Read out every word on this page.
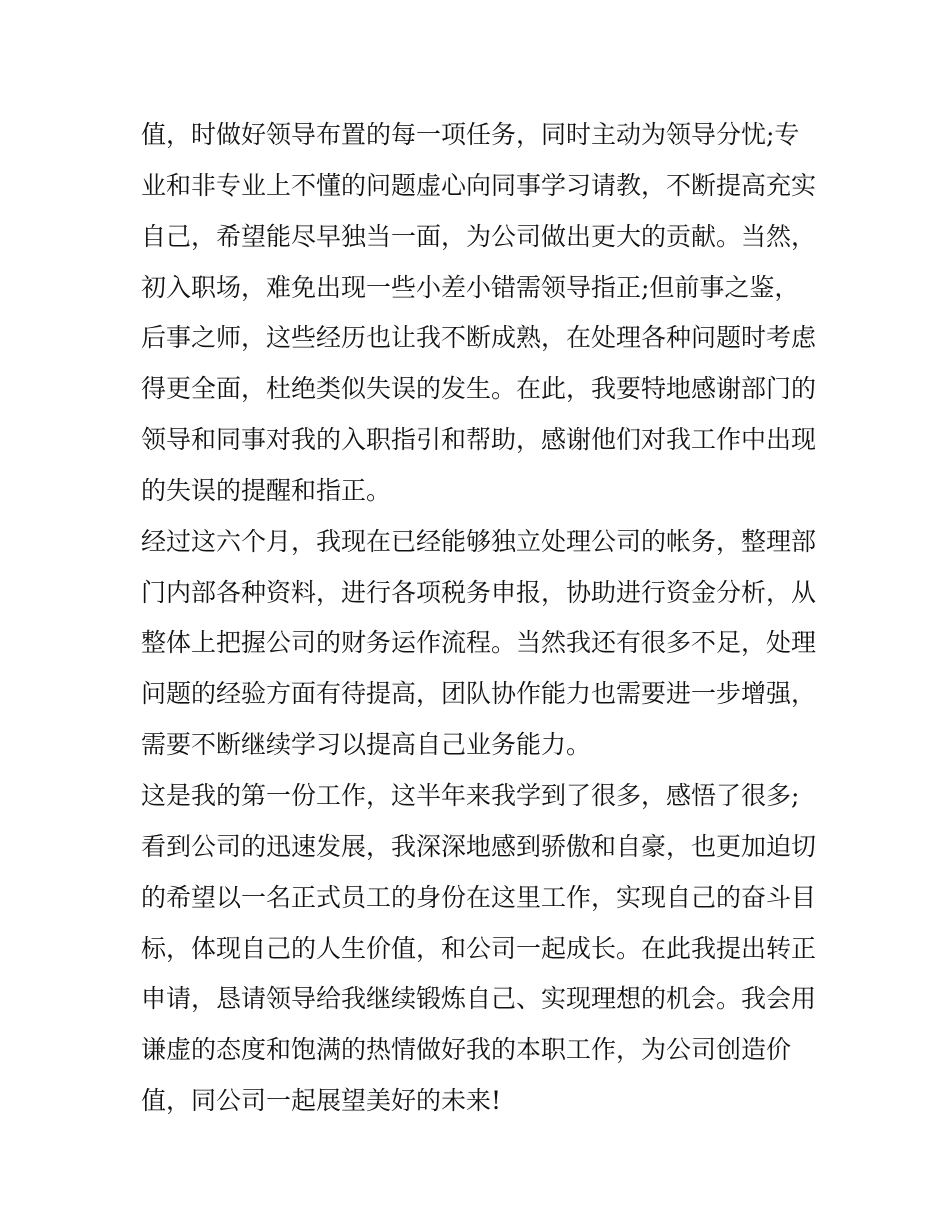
值，时做好领导布置的每一项任务，同时主动为领导分忧;专
业和非专业上不懂的问题虚心向同事学习请教，不断提高充实
自己，希望能尽早独当一面，为公司做出更大的贡献。当然，
初入职场，难免出现一些小差小错需领导指正;但前事之鉴，
后事之师，这些经历也让我不断成熟，在处理各种问题时考虑
得更全面，杜绝类似失误的发生。在此，我要特地感谢部门的
领导和同事对我的入职指引和帮助，感谢他们对我工作中出现
的失误的提醒和指正。
经过这六个月，我现在已经能够独立处理公司的帐务，整理部
门内部各种资料，进行各项税务申报，协助进行资金分析，从
整体上把握公司的财务运作流程。当然我还有很多不足，处理
问题的经验方面有待提高，团队协作能力也需要进一步增强，
需要不断继续学习以提高自己业务能力。
这是我的第一份工作，这半年来我学到了很多，感悟了很多;
看到公司的迅速发展，我深深地感到骄傲和自豪，也更加迫切
的希望以一名正式员工的身份在这里工作，实现自己的奋斗目
标，体现自己的人生价值，和公司一起成长。在此我提出转正
申请，恳请领导给我继续锻炼自己、实现理想的机会。我会用
谦虚的态度和饱满的热情做好我的本职工作，为公司创造价
值，同公司一起展望美好的未来!
